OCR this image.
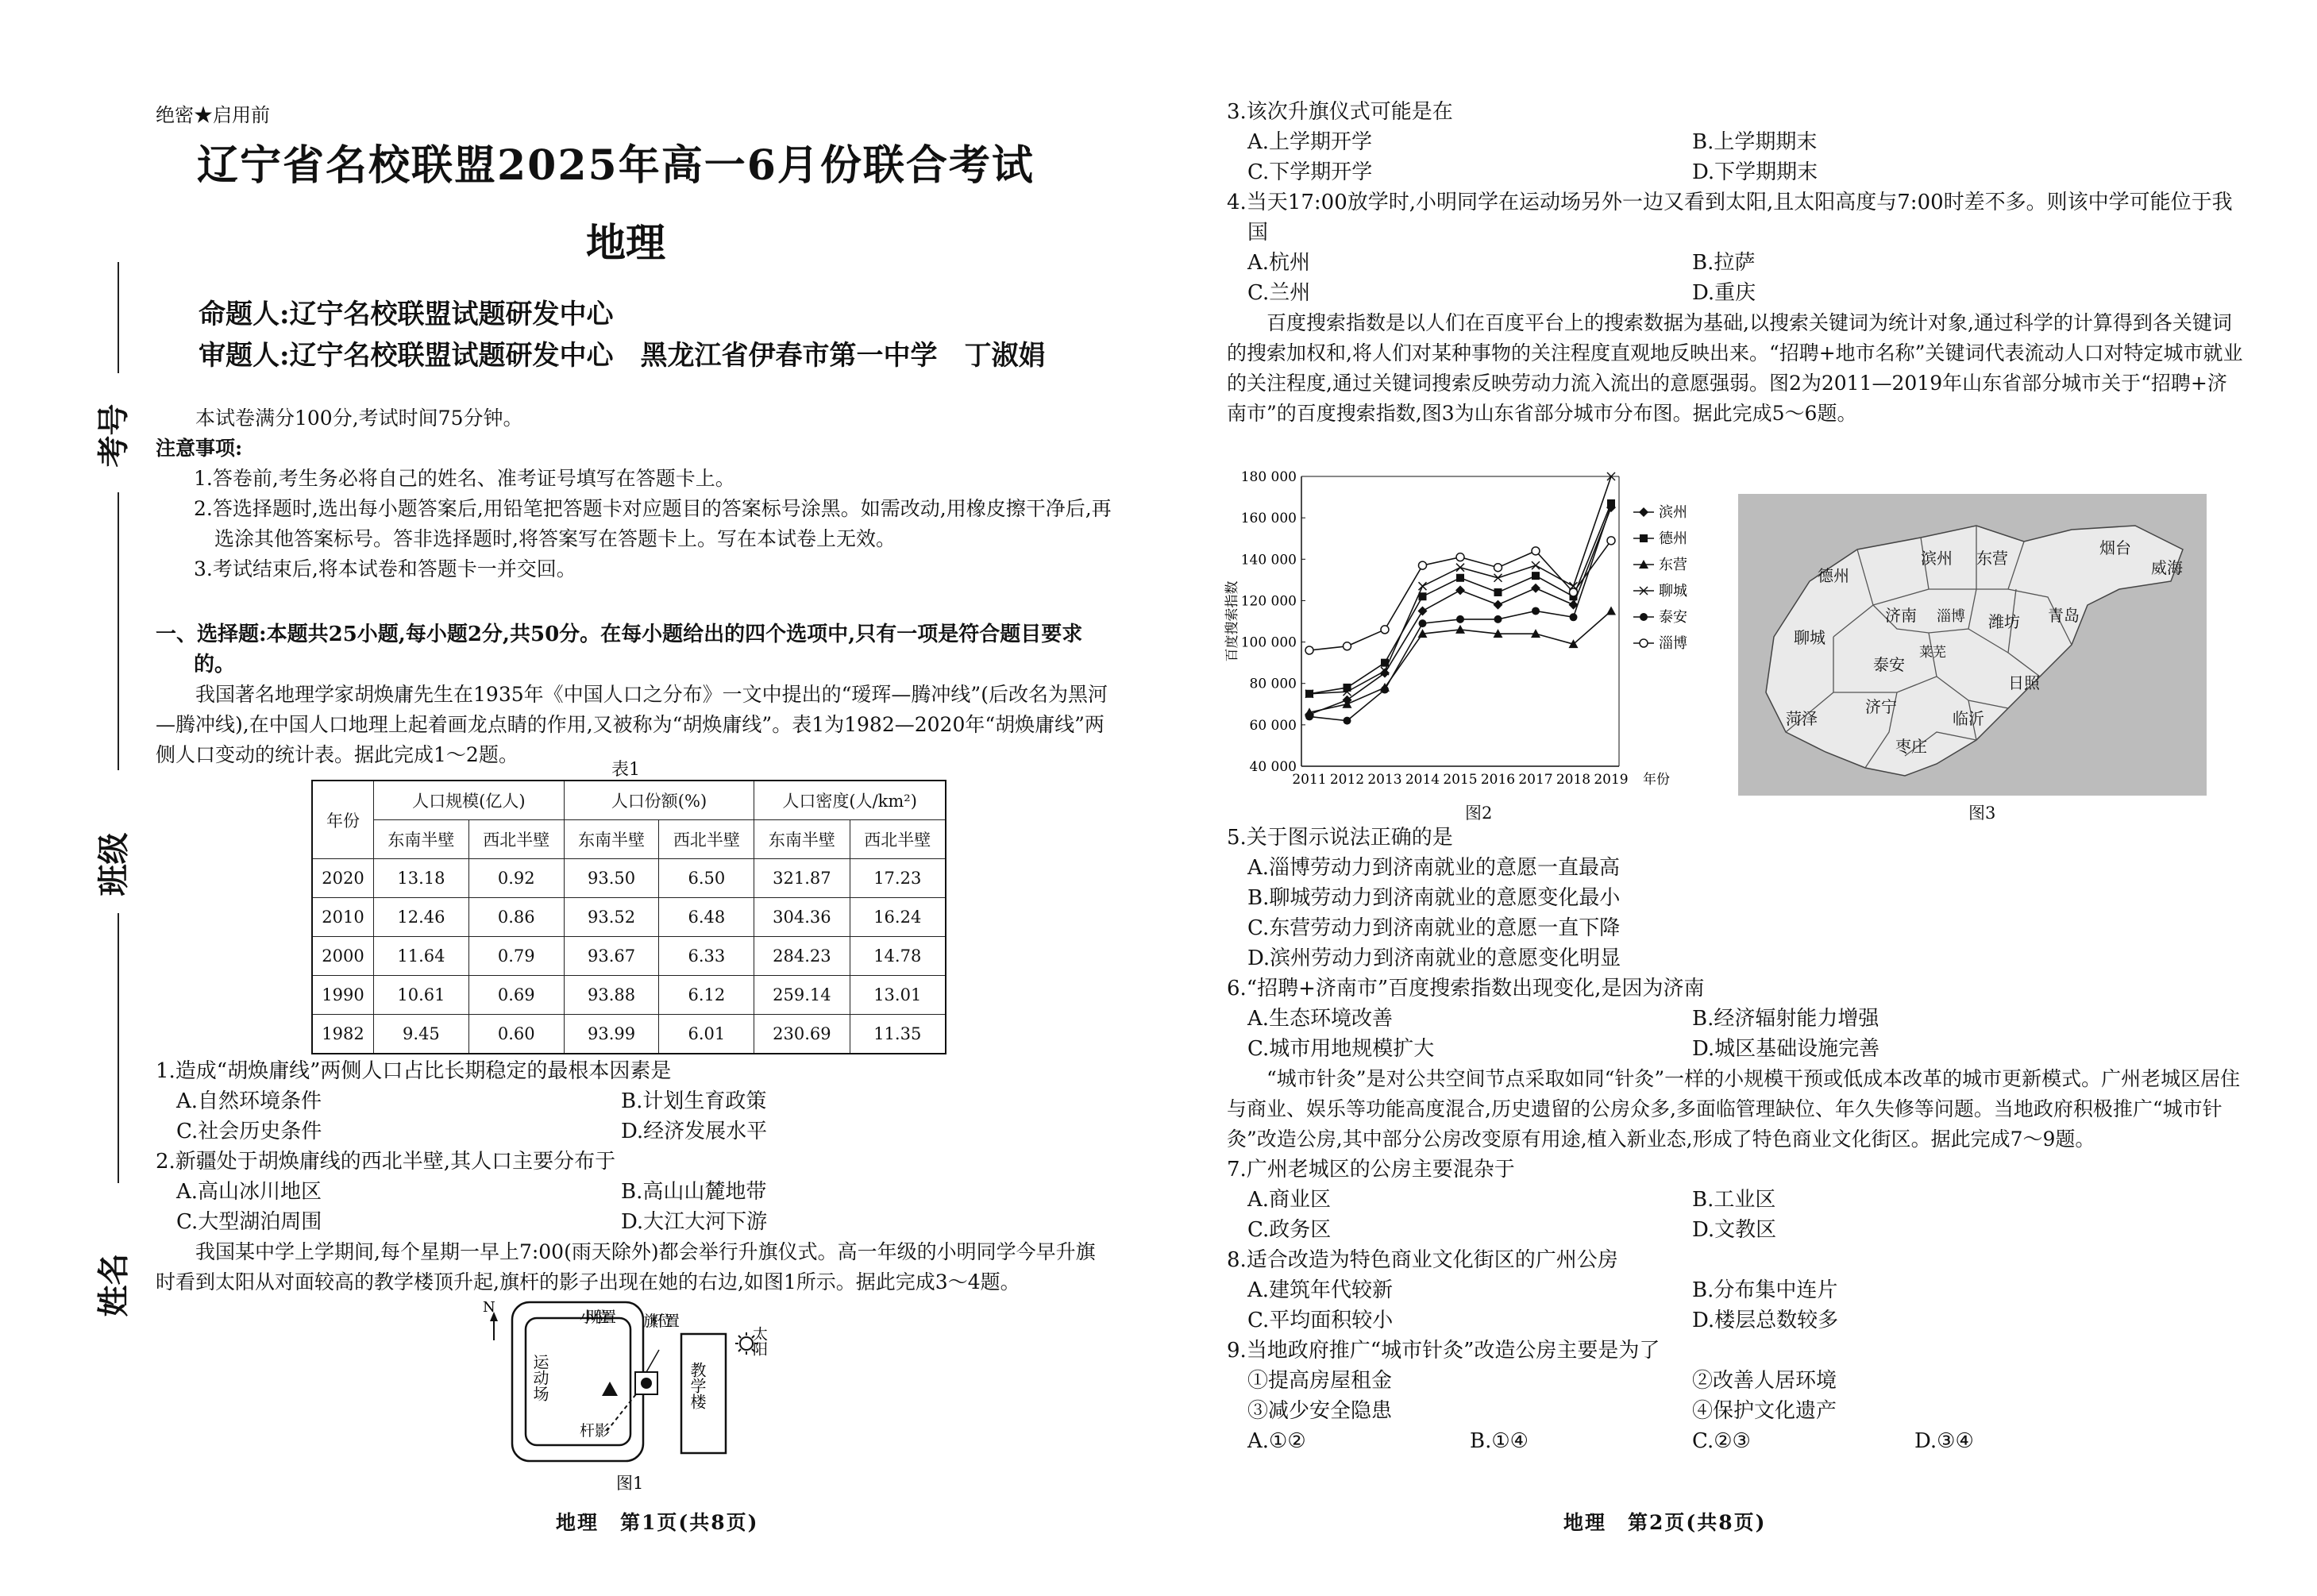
考号
班级
姓名
绝密★启用前
辽宁省名校联盟2025年高一6月份联合考试
地理
命题人:辽宁名校联盟试题研发中心
审题人:辽宁名校联盟试题研发中心　黑龙江省伊春市第一中学　丁淑娟

本试卷满分100分,考试时间75分钟。

注意事项:

1.答卷前,考生务必将自己的姓名、准考证号填写在答题卡上。

2.答选择题时,选出每小题答案后,用铅笔把答题卡对应题目的答案标号涂黑。如需改动,用橡皮擦干净后,再选涂其他答案标号。答非选择题时,将答案写在答题卡上。写在本试卷上无效。

3.考试结束后,将本试卷和答题卡一并交回。

一、选择题:本题共25小题,每小题2分,共50分。在每小题给出的四个选项中,只有一项是符合题目要求的。

我国著名地理学家胡焕庸先生在1935年《中国人口之分布》一文中提出的“瑷珲—腾冲线”(后改名为黑河—腾冲线),在中国人口地理上起着画龙点睛的作用,又被称为“胡焕庸线”。表1为1982—2020年“胡焕庸线”两侧人口变动的统计表。据此完成1～2题。

表1
年份	人口规模(亿人)		人口份额(%)		人口密度(人/km²)	
	东南半壁	西北半壁	东南半壁	西北半壁	东南半壁	西北半壁
2020	13.18	0.92	93.50	6.50	321.87	17.23
2010	12.46	0.86	93.52	6.48	304.36	16.24
2000	11.64	0.79	93.67	6.33	284.23	14.78
1990	10.61	0.69	93.88	6.12	259.14	13.01
1982	9.45	0.60	93.99	6.01	230.69	11.35

1.造成“胡焕庸线”两侧人口占比长期稳定的最根本因素是

A.自然环境条件	B.计划生育政策
C.社会历史条件	D.经济发展水平

2.新疆处于胡焕庸线的西北半壁,其人口主要分布于

A.高山冰川地区	B.高山山麓地带
C.大型湖泊周围	D.大江大河下游

我国某中学上学期间,每个星期一早上7:00(雨天除外)都会举行升旗仪式。高一年级的小明同学今早升旗时看到太阳从对面较高的教学楼顶升起,旗杆的影子出现在她的右边,如图1所示。据此完成3～4题。

N
运动场
小明位置
杆影
旗杆位置
教学楼
太阳
图1
地理　第1页(共8页)

3.该次升旗仪式可能是在

A.上学期开学	B.上学期期末
C.下学期开学	D.下学期期末

4.当天17:00放学时,小明同学在运动场另外一边又看到太阳,且太阳高度与7:00时差不多。则该中学可能位于我国

A.杭州	B.拉萨
C.兰州	D.重庆

百度搜索指数是以人们在百度平台上的搜索数据为基础,以搜索关键词为统计对象,通过科学的计算得到各关键词的搜索加权和,将人们对某种事物的关注程度直观地反映出来。“招聘+地市名称”关键词代表流动人口对特定城市就业的关注程度,通过关键词搜索反映劳动力流入流出的意愿强弱。图2为2011—2019年山东省部分城市关于“招聘+济南市”的百度搜索指数,图3为山东省部分城市分布图。据此完成5～6题。

40 000
60 000
80 000
100 000
120 000
140 000
160 000
180 000
2011 2012 2013 2014 2015 2016 2017 2018 2019 年份
百度搜索指数
滨州
德州
东营
聊城
泰安
淄博
图2
德州
滨州 东营
烟台
威海
聊城
济南 淄博 潍坊 青岛
泰安
莱芜
日照
菏泽
济宁
临沂
枣庄
图3

5.关于图示说法正确的是

A.淄博劳动力到济南就业的意愿一直最高

B.聊城劳动力到济南就业的意愿变化最小

C.东营劳动力到济南就业的意愿一直下降

D.滨州劳动力到济南就业的意愿变化明显

6.“招聘+济南市”百度搜索指数出现变化,是因为济南

A.生态环境改善	B.经济辐射能力增强
C.城市用地规模扩大	D.城区基础设施完善

“城市针灸”是对公共空间节点采取如同“针灸”一样的小规模干预或低成本改革的城市更新模式。广州老城区居住与商业、娱乐等功能高度混合,历史遗留的公房众多,多面临管理缺位、年久失修等问题。当地政府积极推广“城市针灸”改造公房,其中部分公房改变原有用途,植入新业态,形成了特色商业文化街区。据此完成7～9题。

7.广州老城区的公房主要混杂于

A.商业区	B.工业区
C.政务区	D.文教区

8.适合改造为特色商业文化街区的广州公房

A.建筑年代较新	B.分布集中连片
C.平均面积较小	D.楼层总数较多

9.当地政府推广“城市针灸”改造公房主要是为了

①提高房屋租金	②改善人居环境
③减少安全隐患	④保护文化遗产
A.①②	B.①④	C.②③	D.③④
地理　第2页(共8页)
